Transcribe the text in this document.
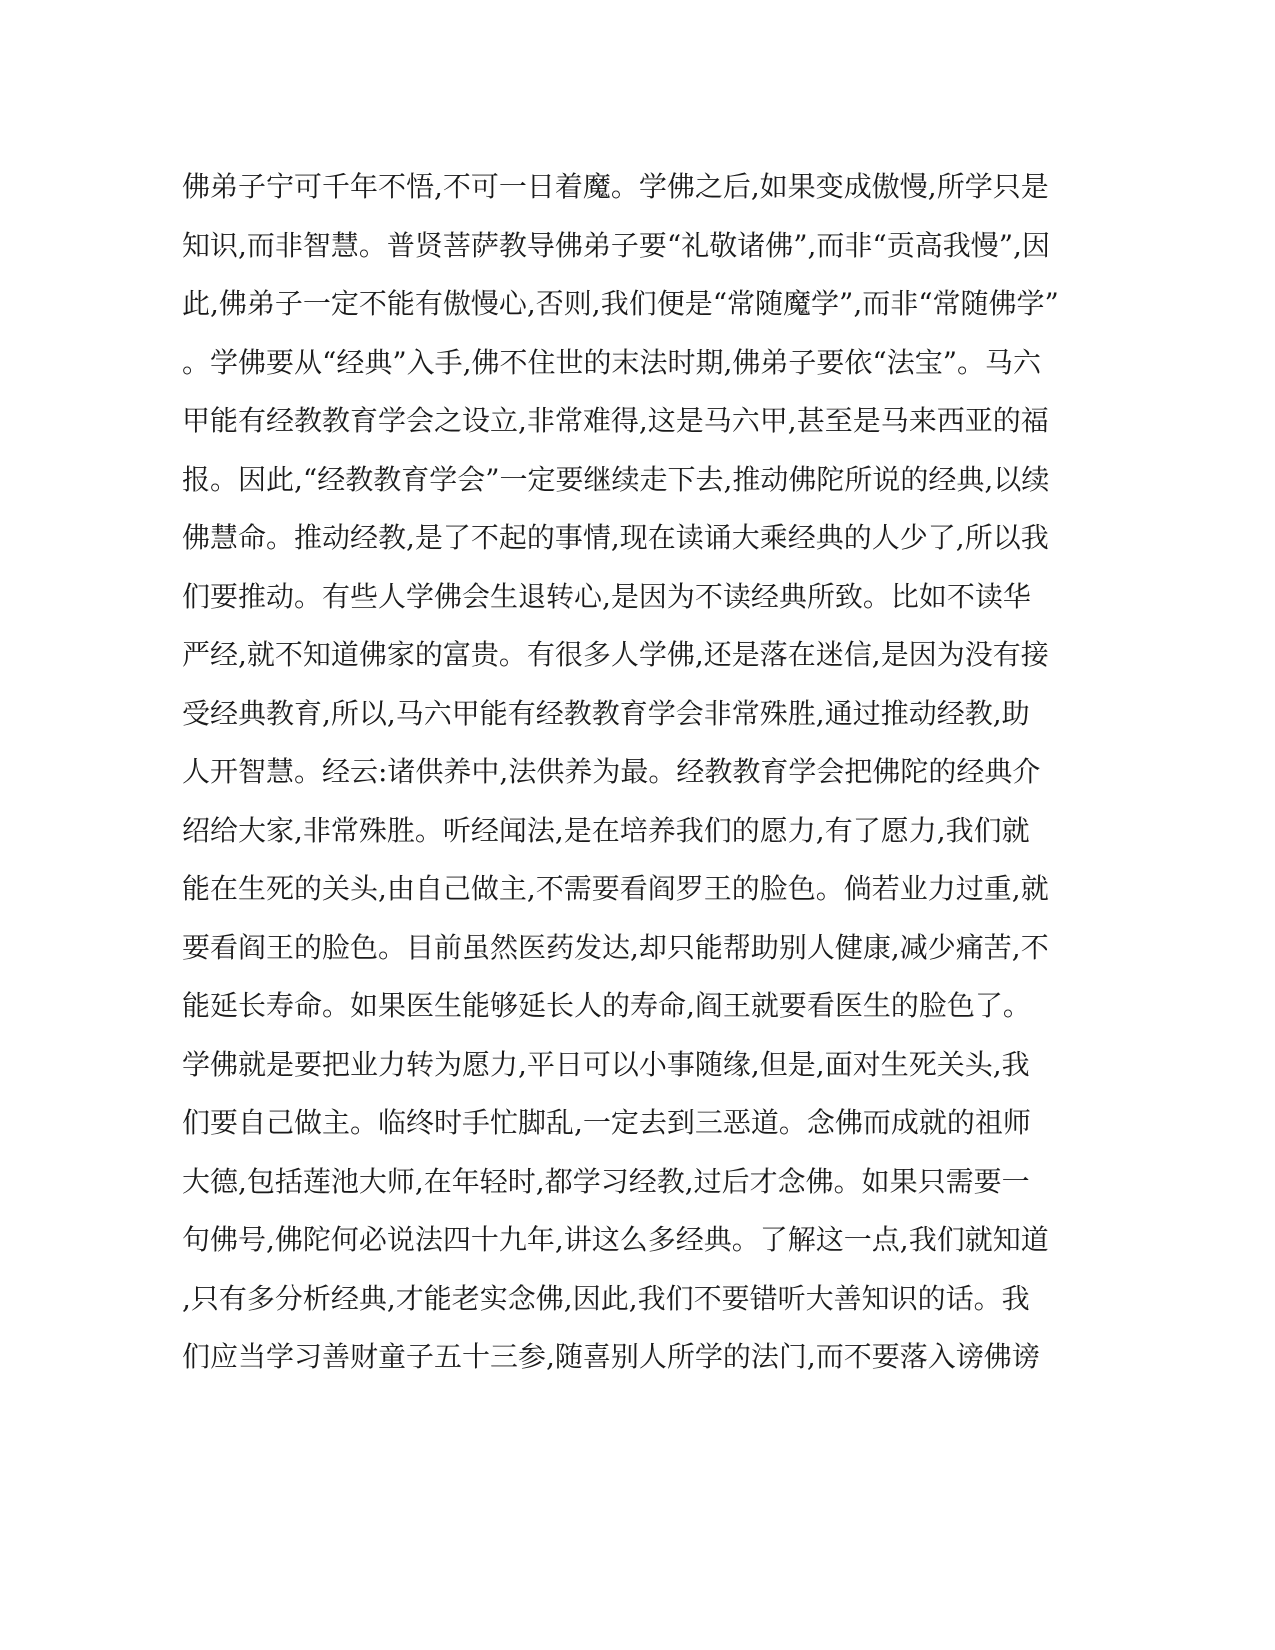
佛弟子宁可千年不悟,不可一日着魔。学佛之后,如果变成傲慢,所学只是
知识,而非智慧。普贤菩萨教导佛弟子要“礼敬诸佛”,而非“贡高我慢”,因
此,佛弟子一定不能有傲慢心,否则,我们便是“常随魔学”,而非“常随佛学”
。学佛要从“经典”入手,佛不住世的末法时期,佛弟子要依“法宝”。马六
甲能有经教教育学会之设立,非常难得,这是马六甲,甚至是马来西亚的福
报。因此,“经教教育学会”一定要继续走下去,推动佛陀所说的经典,以续
佛慧命。推动经教,是了不起的事情,现在读诵大乘经典的人少了,所以我
们要推动。有些人学佛会生退转心,是因为不读经典所致。比如不读华
严经,就不知道佛家的富贵。有很多人学佛,还是落在迷信,是因为没有接
受经典教育,所以,马六甲能有经教教育学会非常殊胜,通过推动经教,助
人开智慧。经云:诸供养中,法供养为最。经教教育学会把佛陀的经典介
绍给大家,非常殊胜。听经闻法,是在培养我们的愿力,有了愿力,我们就
能在生死的关头,由自己做主,不需要看阎罗王的脸色。倘若业力过重,就
要看阎王的脸色。目前虽然医药发达,却只能帮助别人健康,减少痛苦,不
能延长寿命。如果医生能够延长人的寿命,阎王就要看医生的脸色了。
学佛就是要把业力转为愿力,平日可以小事随缘,但是,面对生死关头,我
们要自己做主。临终时手忙脚乱,一定去到三恶道。念佛而成就的祖师
大德,包括莲池大师,在年轻时,都学习经教,过后才念佛。如果只需要一
句佛号,佛陀何必说法四十九年,讲这么多经典。了解这一点,我们就知道
,只有多分析经典,才能老实念佛,因此,我们不要错听大善知识的话。我
们应当学习善财童子五十三参,随喜别人所学的法门,而不要落入谤佛谤
